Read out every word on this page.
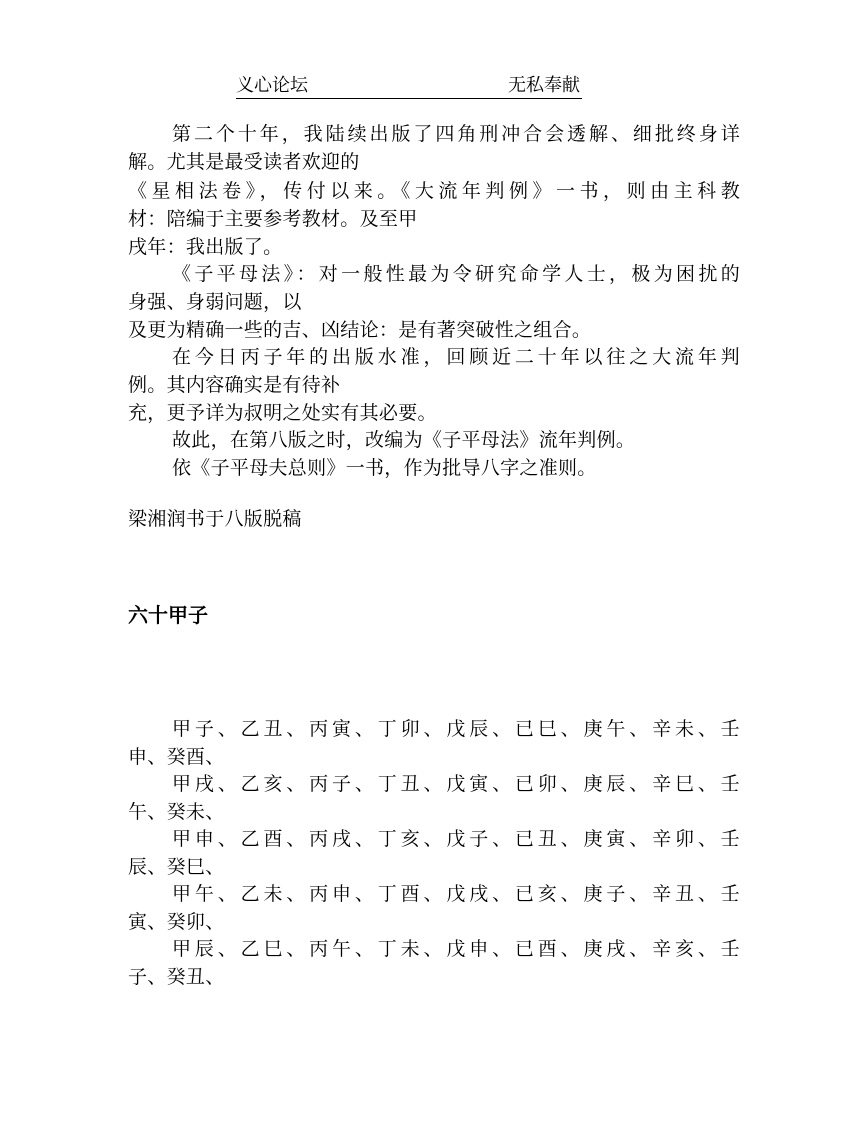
义心论坛	无私奉献
第二个十年，我陆续出版了四角刑冲合会透解、细批终身详
解。尤其是最受读者欢迎的
《星相法卷》，传付以来。《大流年判例》一书，则由主科教
材：陪编于主要参考教材。及至甲
戌年：我出版了。
《子平母法》：对一般性最为令研究命学人士，极为困扰的
身强、身弱问题，以
及更为精确一些的吉、凶结论：是有著突破性之组合。
在今日丙子年的出版水准，回顾近二十年以往之大流年判
例。其内容确实是有待补
充，更予详为叔明之处实有其必要。
故此，在第八版之时，改编为《子平母法》流年判例。
依《子平母夫总则》一书，作为批导八字之准则。
梁湘润书于八版脱稿
六十甲子
甲子、乙丑、丙寅、丁卯、戊辰、已巳、庚午、辛未、壬
申、癸酉、
甲戌、乙亥、丙子、丁丑、戊寅、已卯、庚辰、辛巳、壬
午、癸未、
甲申、乙酉、丙戌、丁亥、戊子、已丑、庚寅、辛卯、壬
辰、癸巳、
甲午、乙未、丙申、丁酉、戊戌、已亥、庚子、辛丑、壬
寅、癸卯、
甲辰、乙巳、丙午、丁未、戊申、已酉、庚戌、辛亥、壬
子、癸丑、
